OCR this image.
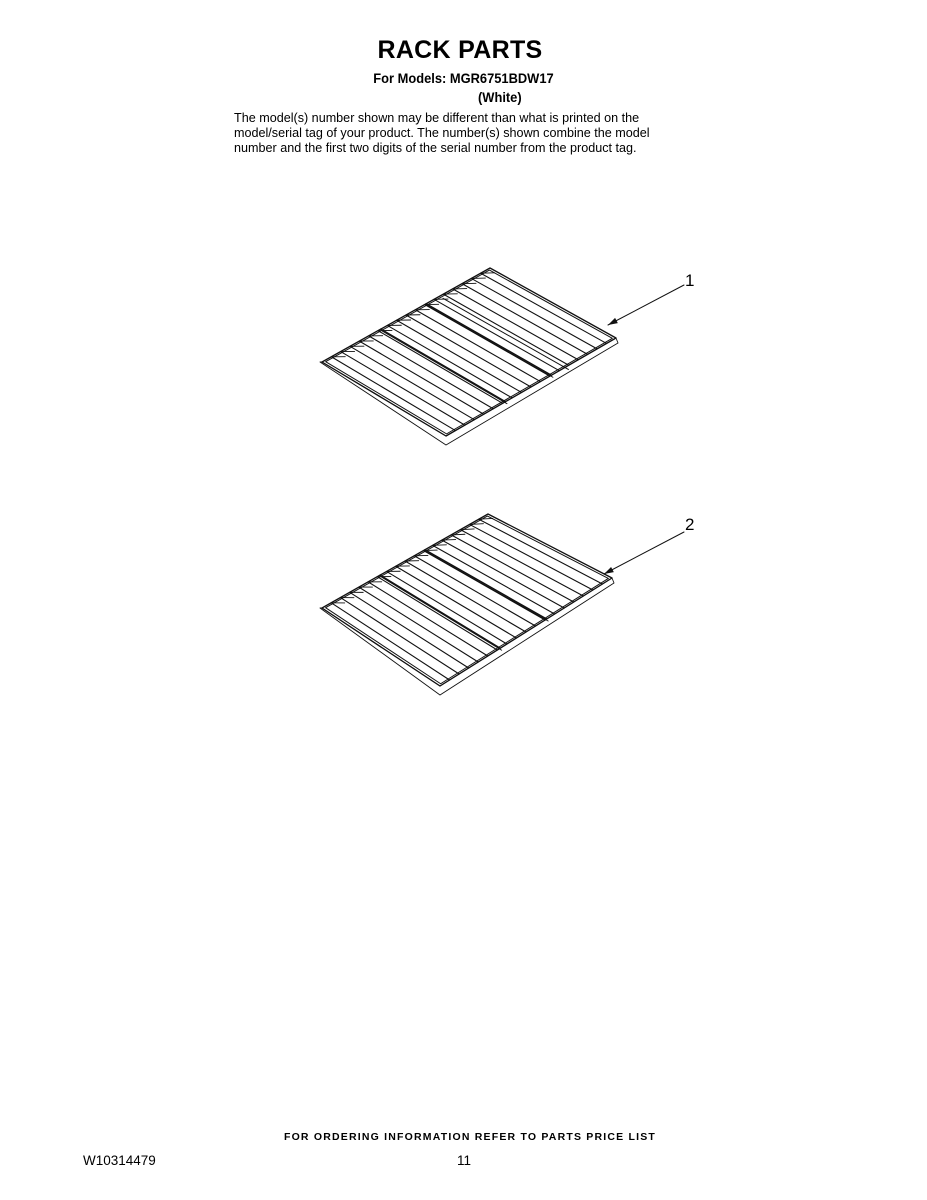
RACK PARTS
For Models: MGR6751BDW17
(White)
The model(s) number shown may be different than what is printed on the
model/serial tag of your product. The number(s) shown combine the model
number and the first two digits of the serial number from the product tag.
1
2
FOR ORDERING INFORMATION REFER TO PARTS PRICE LIST
W10314479	11
